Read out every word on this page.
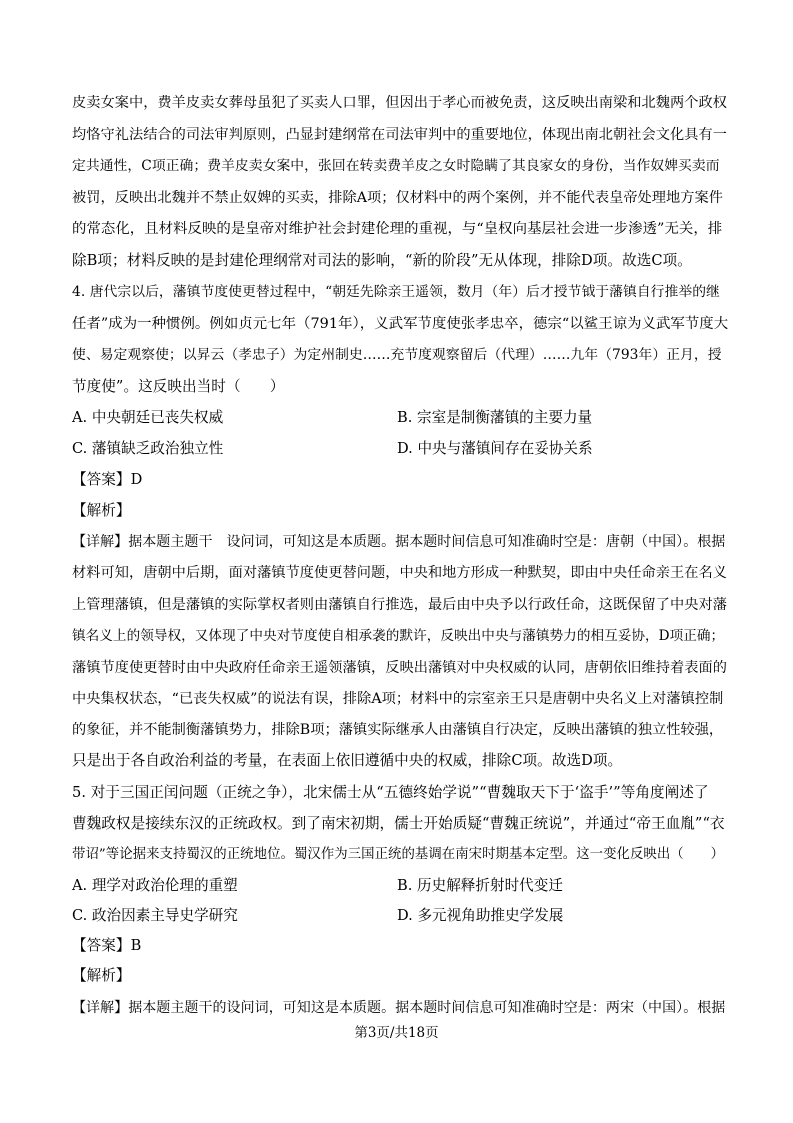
皮卖女案中，费羊皮卖女葬母虽犯了买卖人口罪，但因出于孝心而被免责，这反映出南梁和北魏两个政权
均恪守礼法结合的司法审判原则，凸显封建纲常在司法审判中的重要地位，体现出南北朝社会文化具有一
定共通性，C项正确；费羊皮卖女案中，张回在转卖费羊皮之女时隐瞒了其良家女的身份，当作奴婢买卖而
被罚，反映出北魏并不禁止奴婢的买卖，排除A项；仅材料中的两个案例，并不能代表皇帝处理地方案件
的常态化，且材料反映的是皇帝对维护社会封建伦理的重视，与“皇权向基层社会进一步渗透”无关，排
除B项；材料反映的是封建伦理纲常对司法的影响，“新的阶段”无从体现，排除D项。故选C项。
4. 唐代宗以后，藩镇节度使更替过程中，“朝廷先除亲王遥领，数月（年）后才授节钺于藩镇自行推举的继
任者”成为一种惯例。例如贞元七年（791年），义武军节度使张孝忠卒，德宗“以鲨王谅为义武军节度大
使、易定观察使；以昇云（孝忠子）为定州制史……充节度观察留后（代理）……九年（793年）正月，授
节度使”。这反映出当时（　　）
A. 中央朝廷已丧失权威	B. 宗室是制衡藩镇的主要力量
C. 藩镇缺乏政治独立性	D. 中央与藩镇间存在妥协关系
【答案】D
【解析】
【详解】据本题主题干　设问词，可知这是本质题。据本题时间信息可知准确时空是：唐朝（中国）。根据
材料可知，唐朝中后期，面对藩镇节度使更替问题，中央和地方形成一种默契，即由中央任命亲王在名义
上管理藩镇，但是藩镇的实际掌权者则由藩镇自行推选，最后由中央予以行政任命，这既保留了中央对藩
镇名义上的领导权，又体现了中央对节度使自相承袭的默许，反映出中央与藩镇势力的相互妥协，D项正确；
藩镇节度使更替时由中央政府任命亲王遥领藩镇，反映出藩镇对中央权威的认同，唐朝依旧维持着表面的
中央集权状态，“已丧失权威”的说法有误，排除A项；材料中的宗室亲王只是唐朝中央名义上对藩镇控制
的象征，并不能制衡藩镇势力，排除B项；藩镇实际继承人由藩镇自行决定，反映出藩镇的独立性较强，
只是出于各自政治利益的考量，在表面上依旧遵循中央的权威，排除C项。故选D项。
5. 对于三国正闰问题（正统之争），北宋儒士从“五德终始学说”“曹魏取天下于‘盗手’”等角度阐述了
曹魏政权是接续东汉的正统政权。到了南宋初期，儒士开始质疑“曹魏正统说”，并通过“帝王血胤”“衣
带诏”等论据来支持蜀汉的正统地位。蜀汉作为三国正统的基调在南宋时期基本定型。这一变化反映出（　　）
A. 理学对政治伦理的重塑	B. 历史解释折射时代变迁
C. 政治因素主导史学研究	D. 多元视角助推史学发展
【答案】B
【解析】
【详解】据本题主题干的设问词，可知这是本质题。据本题时间信息可知准确时空是：两宋（中国）。根据
第3页/共18页
